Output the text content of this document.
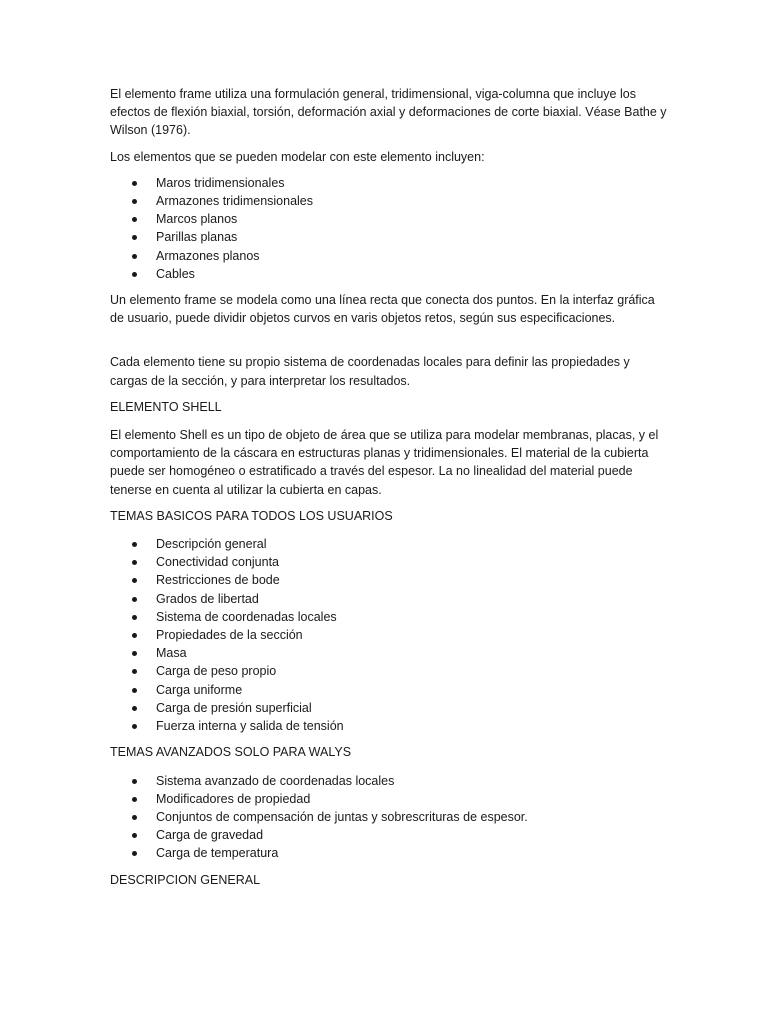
El elemento frame utiliza una formulación general, tridimensional, viga-columna que incluye los efectos de flexión biaxial, torsión, deformación axial y deformaciones de corte biaxial. Véase Bathe y Wilson (1976).

Los elementos que se pueden modelar con este elemento incluyen:

Maros tridimensionales
Armazones tridimensionales
Marcos planos
Parillas planas
Armazones planos
Cables

Un elemento frame se modela como una línea recta que conecta dos puntos. En la interfaz gráfica de usuario, puede dividir objetos curvos en varis objetos retos, según sus especificaciones.

Cada elemento tiene su propio sistema de coordenadas locales para definir las propiedades y cargas de la sección, y para interpretar los resultados.

ELEMENTO SHELL

El elemento Shell es un tipo de objeto de área que se utiliza para modelar membranas, placas, y el comportamiento de la cáscara en estructuras planas y tridimensionales. El material de la cubierta puede ser homogéneo o estratificado a través del espesor. La no linealidad del material puede tenerse en cuenta al utilizar la cubierta en capas.

TEMAS BASICOS PARA TODOS LOS USUARIOS

Descripción general
Conectividad conjunta
Restricciones de bode
Grados de libertad
Sistema de coordenadas locales
Propiedades de la sección
Masa
Carga de peso propio
Carga uniforme
Carga de presión superficial
Fuerza interna y salida de tensión

TEMAS AVANZADOS SOLO PARA WALYS

Sistema avanzado de coordenadas locales
Modificadores de propiedad
Conjuntos de compensación de juntas y sobrescrituras de espesor.
Carga de gravedad
Carga de temperatura

DESCRIPCION GENERAL
